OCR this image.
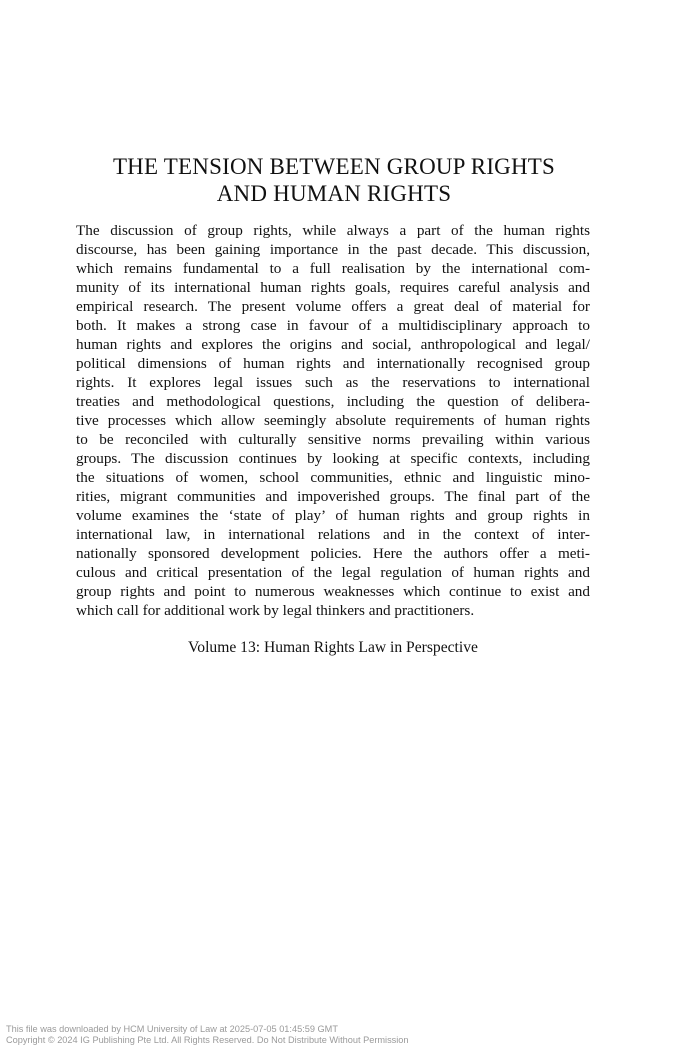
THE TENSION BETWEEN GROUP RIGHTS
AND HUMAN RIGHTS
The discussion of group rights, while always a part of the human rights
discourse, has been gaining importance in the past decade. This discussion,
which remains fundamental to a full realisation by the international com-
munity of its international human rights goals, requires careful analysis and
empirical research. The present volume offers a great deal of material for
both. It makes a strong case in favour of a multidisciplinary approach to
human rights and explores the origins and social, anthropological and legal/
political dimensions of human rights and internationally recognised group
rights. It explores legal issues such as the reservations to international
treaties and methodological questions, including the question of delibera-
tive processes which allow seemingly absolute requirements of human rights
to be reconciled with culturally sensitive norms prevailing within various
groups. The discussion continues by looking at specific contexts, including
the situations of women, school communities, ethnic and linguistic mino-
rities, migrant communities and impoverished groups. The final part of the
volume examines the ‘state of play’ of human rights and group rights in
international law, in international relations and in the context of inter-
nationally sponsored development policies. Here the authors offer a meti-
culous and critical presentation of the legal regulation of human rights and
group rights and point to numerous weaknesses which continue to exist and
which call for additional work by legal thinkers and practitioners.

Volume 13: Human Rights Law in Perspective

This file was downloaded by HCM University of Law at 2025-07-05 01:45:59 GMT
Copyright © 2024 IG Publishing Pte Ltd. All Rights Reserved. Do Not Distribute Without Permission
